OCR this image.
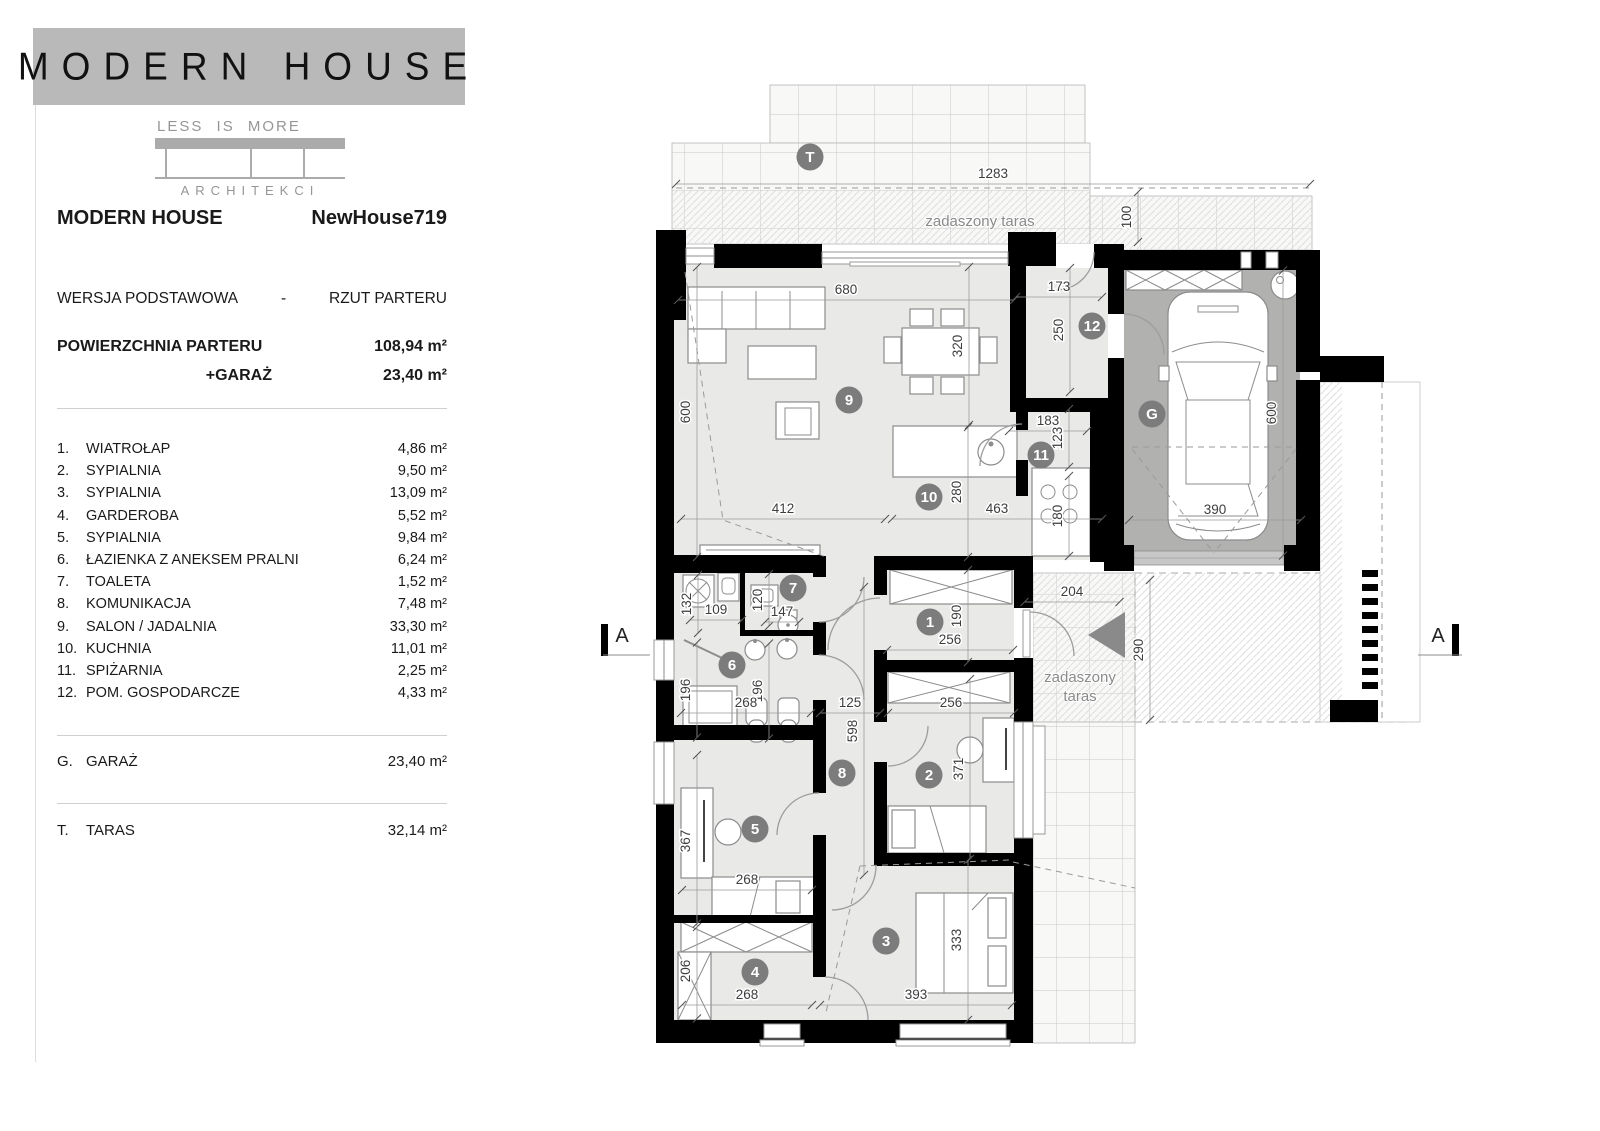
MODERN HOUSE
LESS IS MORE
ARCHITEKCI
MODERN HOUSE	NewHouse719
WERSJA PODSTAWOWA	-	RZUT PARTERU
POWIERZCHNIA PARTERU	108,94 m²
+GARAŻ	23,40 m²
1.	WIATROŁAP	4,86 m²
2.	SYPIALNIA	9,50 m²
3.	SYPIALNIA	13,09 m²
4.	GARDEROBA	5,52 m²
5.	SYPIALNIA	9,84 m²
6.	ŁAZIENKA Z ANEKSEM PRALNI	6,24 m²
7.	TOALETA	1,52 m²
8.	KOMUNIKACJA	7,48 m²
9.	SALON / JADALNIA	33,30 m²
10. KUCHNIA	11,01 m²
11. SPIŻARNIA	2,25 m²
12. POM. GOSPODARCZE	4,33 m²
G. GARAŻ	23,40 m²
T.	TARAS	32,14 m²
1283
100
680
320
600
173
250
183
123
412
280
463	180
600
390
204
290
132 109 120
147
196	196
268	125
598
256
190
256
371
367
268
206
268	393
333
T
9
10
11
12
G
1
7
6
8	2
5
4
3
zadaszony taras
zadaszony
taras
A	A
